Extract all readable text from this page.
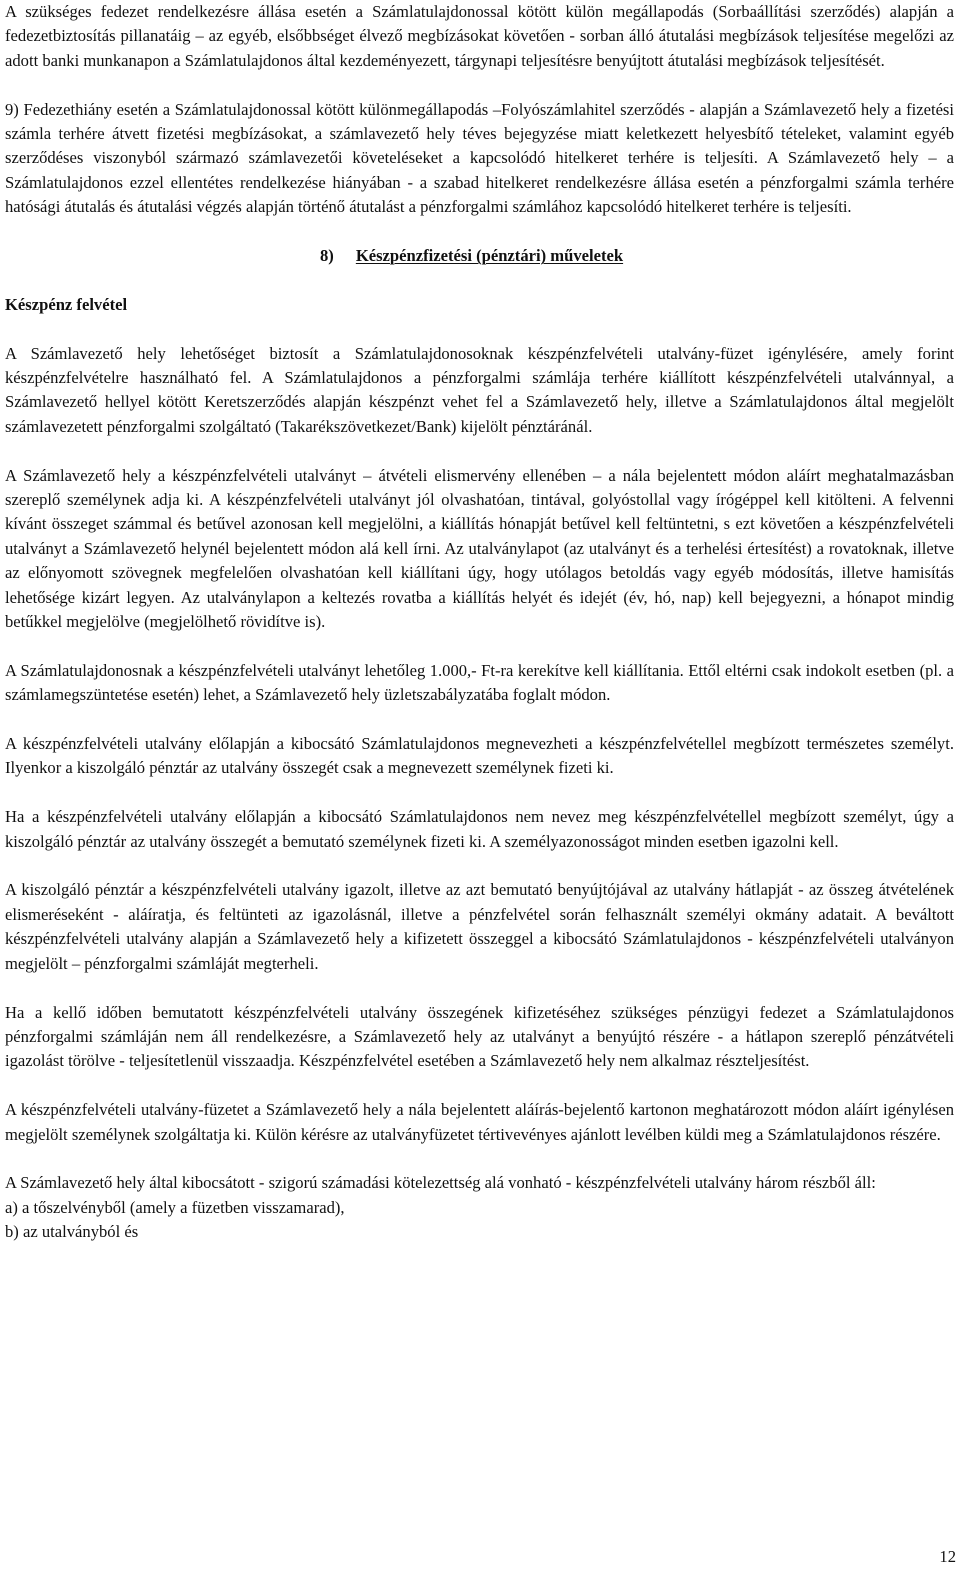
A szükséges fedezet rendelkezésre állása esetén a Számlatulajdonossal kötött külön megállapodás (Sorbaállítási szerződés) alapján a fedezetbiztosítás pillanatáig – az egyéb, elsőbbséget élvező megbízásokat követően - sorban álló átutalási megbízások teljesítése megelőzi az adott banki munkanapon a Számlatulajdonos által kezdeményezett, tárgynapi teljesítésre benyújtott átutalási megbízások teljesítését.

9) Fedezethiány esetén a Számlatulajdonossal kötött különmegállapodás –Folyószámlahitel szerződés - alapján a Számlavezető hely a fizetési számla terhére átvett fizetési megbízásokat, a számlavezető hely téves bejegyzése miatt keletkezett helyesbítő tételeket, valamint egyéb szerződéses viszonyból származó számlavezetői követeléseket a kapcsolódó hitelkeret terhére is teljesíti. A Számlavezető hely – a Számlatulajdonos ezzel ellentétes rendelkezése hiányában - a szabad hitelkeret rendelkezésre állása esetén a pénzforgalmi számla terhére hatósági átutalás és átutalási végzés alapján történő átutalást a pénzforgalmi számlához kapcsolódó hitelkeret terhére is teljesíti.

8) Készpénzfizetési (pénztári) műveletek

Készpénz felvétel

A Számlavezető hely lehetőséget biztosít a Számlatulajdonosoknak készpénzfelvételi utalvány-füzet igénylésére, amely forint készpénzfelvételre használható fel. A Számlatulajdonos a pénzforgalmi számlája terhére kiállított készpénzfelvételi utalvánnyal, a Számlavezető hellyel kötött Keretszerződés alapján készpénzt vehet fel a Számlavezető hely, illetve a Számlatulajdonos által megjelölt számlavezetett pénzforgalmi szolgáltató (Takarékszövetkezet/Bank) kijelölt pénztáránál.

A Számlavezető hely a készpénzfelvételi utalványt – átvételi elismervény ellenében – a nála bejelentett módon aláírt meghatalmazásban szereplő személynek adja ki. A készpénzfelvételi utalványt jól olvashatóan, tintával, golyóstollal vagy írógéppel kell kitölteni. A felvenni kívánt összeget számmal és betűvel azonosan kell megjelölni, a kiállítás hónapját betűvel kell feltüntetni, s ezt követően a készpénzfelvételi utalványt a Számlavezető helynél bejelentett módon alá kell írni. Az utalványlapot (az utalványt és a terhelési értesítést) a rovatoknak, illetve az előnyomott szövegnek megfelelően olvashatóan kell kiállítani úgy, hogy utólagos betoldás vagy egyéb módosítás, illetve hamisítás lehetősége kizárt legyen. Az utalványlapon a keltezés rovatba a kiállítás helyét és idejét (év, hó, nap) kell bejegyezni, a hónapot mindig betűkkel megjelölve (megjelölhető rövidítve is).

A Számlatulajdonosnak a készpénzfelvételi utalványt lehetőleg 1.000,- Ft-ra kerekítve kell kiállítania. Ettől eltérni csak indokolt esetben (pl. a számlamegszüntetése esetén) lehet, a Számlavezető hely üzletszabályzatába foglalt módon.

A készpénzfelvételi utalvány előlapján a kibocsátó Számlatulajdonos megnevezheti a készpénzfelvétellel megbízott természetes személyt. Ilyenkor a kiszolgáló pénztár az utalvány összegét csak a megnevezett személynek fizeti ki.

Ha a készpénzfelvételi utalvány előlapján a kibocsátó Számlatulajdonos nem nevez meg készpénzfelvétellel megbízott személyt, úgy a kiszolgáló pénztár az utalvány összegét a bemutató személynek fizeti ki. A személyazonosságot minden esetben igazolni kell.

A kiszolgáló pénztár a készpénzfelvételi utalvány igazolt, illetve az azt bemutató benyújtójával az utalvány hátlapját - az összeg átvételének elismeréseként - aláíratja, és feltünteti az igazolásnál, illetve a pénzfelvétel során felhasznált személyi okmány adatait. A beváltott készpénzfelvételi utalvány alapján a Számlavezető hely a kifizetett összeggel a kibocsátó Számlatulajdonos - készpénzfelvételi utalványon megjelölt – pénzforgalmi számláját megterheli.

Ha a kellő időben bemutatott készpénzfelvételi utalvány összegének kifizetéséhez szükséges pénzügyi fedezet a Számlatulajdonos pénzforgalmi számláján nem áll rendelkezésre, a Számlavezető hely az utalványt a benyújtó részére - a hátlapon szereplő pénzátvételi igazolást törölve - teljesítetlenül visszaadja. Készpénzfelvétel esetében a Számlavezető hely nem alkalmaz részteljesítést.

A készpénzfelvételi utalvány-füzetet a Számlavezető hely a nála bejelentett aláírás-bejelentő kartonon meghatározott módon aláírt igénylésen megjelölt személynek szolgáltatja ki. Külön kérésre az utalványfüzetet tértivevényes ajánlott levélben küldi meg a Számlatulajdonos részére.

A Számlavezető hely által kibocsátott - szigorú számadási kötelezettség alá vonható - készpénzfelvételi utalvány három részből áll:

a) a tőszelvényből (amely a füzetben visszamarad),

b) az utalványból és

12
